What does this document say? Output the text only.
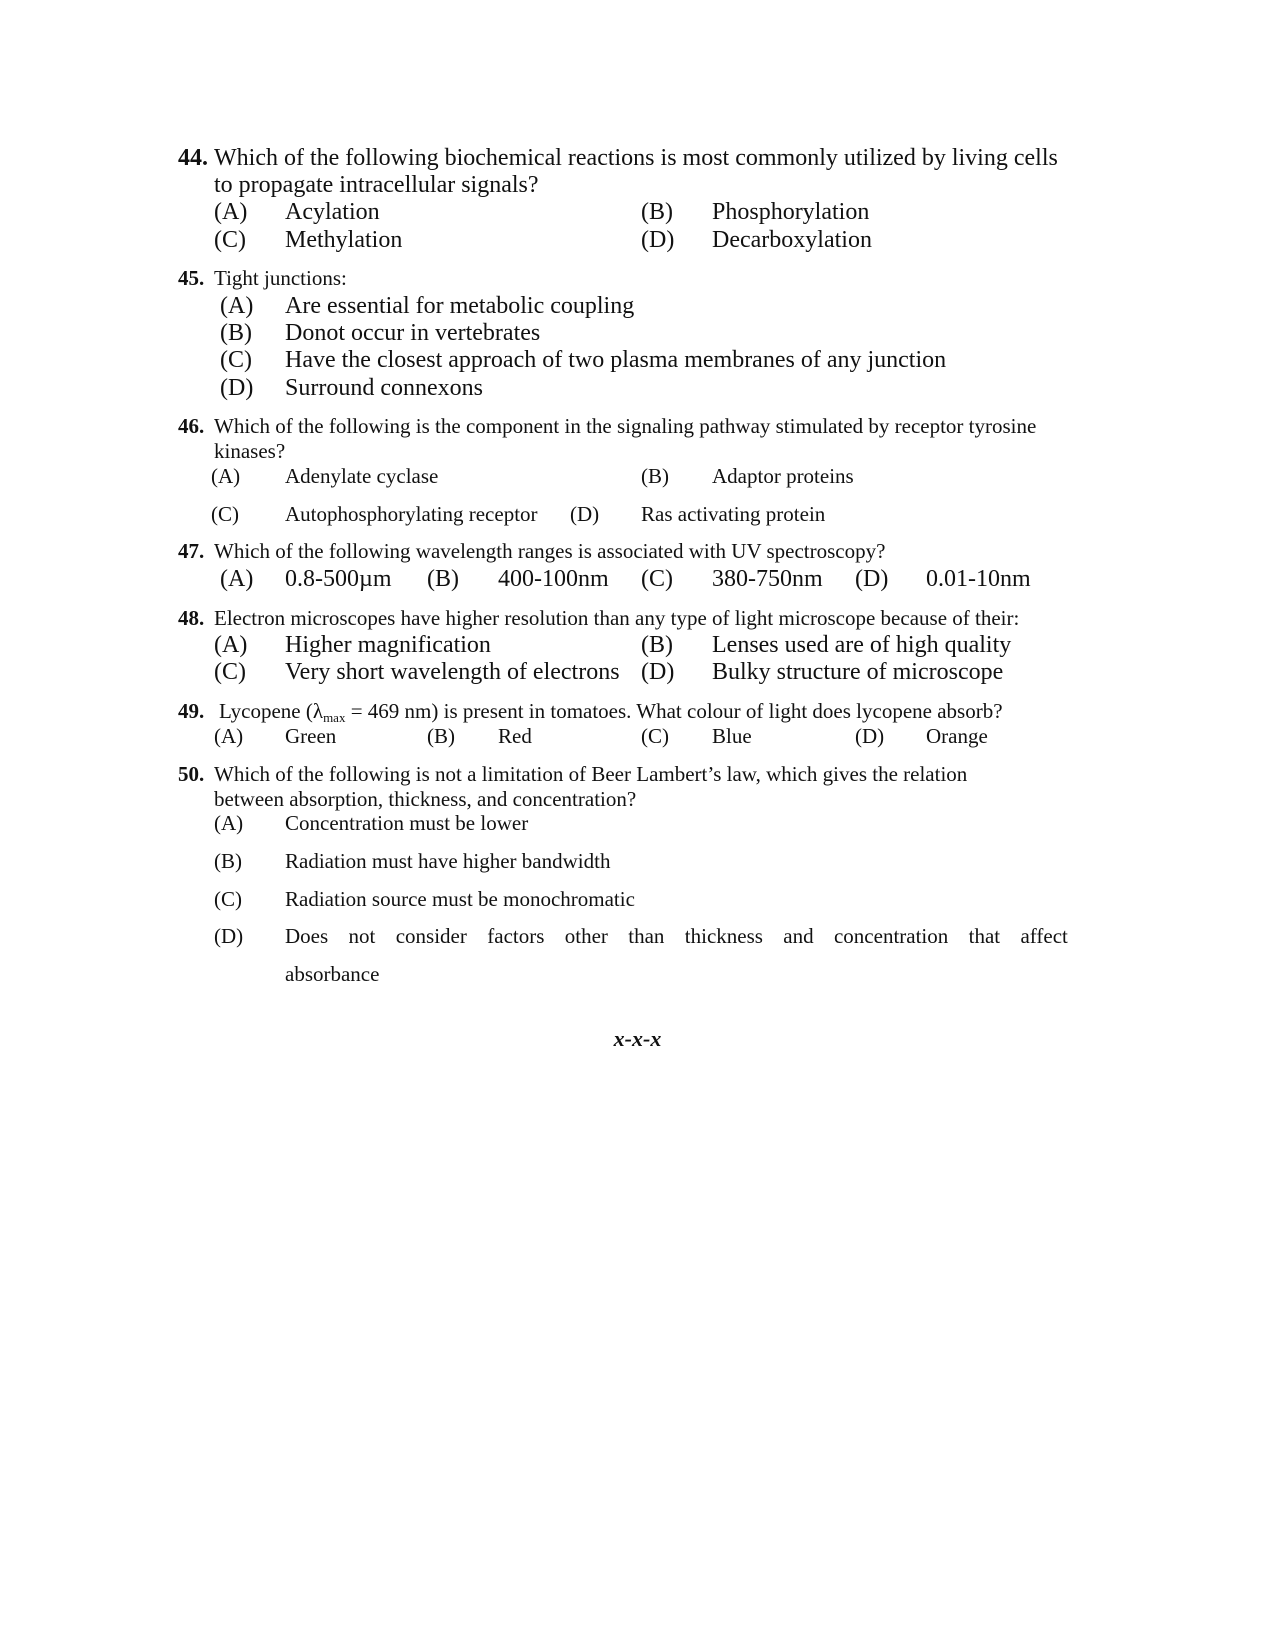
44. Which of the following biochemical reactions is most commonly utilized by living cells
to propagate intracellular signals?
(A) Acylation	(B) Phosphorylation
(C) Methylation	(D) Decarboxylation
45. Tight junctions:
(A) Are essential for metabolic coupling
(B) Donot occur in vertebrates
(C) Have the closest approach of two plasma membranes of any junction
(D) Surround connexons
46. Which of the following is the component in the signaling pathway stimulated by receptor tyrosine
kinases?
(A) Adenylate cyclase	(B) Adaptor proteins
(C) Autophosphorylating receptor (D) Ras activating protein
47. Which of the following wavelength ranges is associated with UV spectroscopy?
(A) 0.8-500µm (B) 400-100nm (C) 380-750nm (D) 0.01-10nm
48. Electron microscopes have higher resolution than any type of light microscope because of their:
(A) Higher magnification	(B) Lenses used are of high quality
(C) Very short wavelength of electrons (D) Bulky structure of microscope
49. Lycopene ($\lambda_{max} = 469$ nm) is present in tomatoes. What colour of light does lycopene absorb?
(A) Green	(B) Red	(C) Blue	(D) Orange
50. Which of the following is not a limitation of Beer Lambert’s law, which gives the relation
between absorption, thickness, and concentration?
(A) Concentration must be lower
(B) Radiation must have higher bandwidth
(C) Radiation source must be monochromatic
(D) Does not consider factors other than thickness and concentration that affect
absorbance
x-x-x
